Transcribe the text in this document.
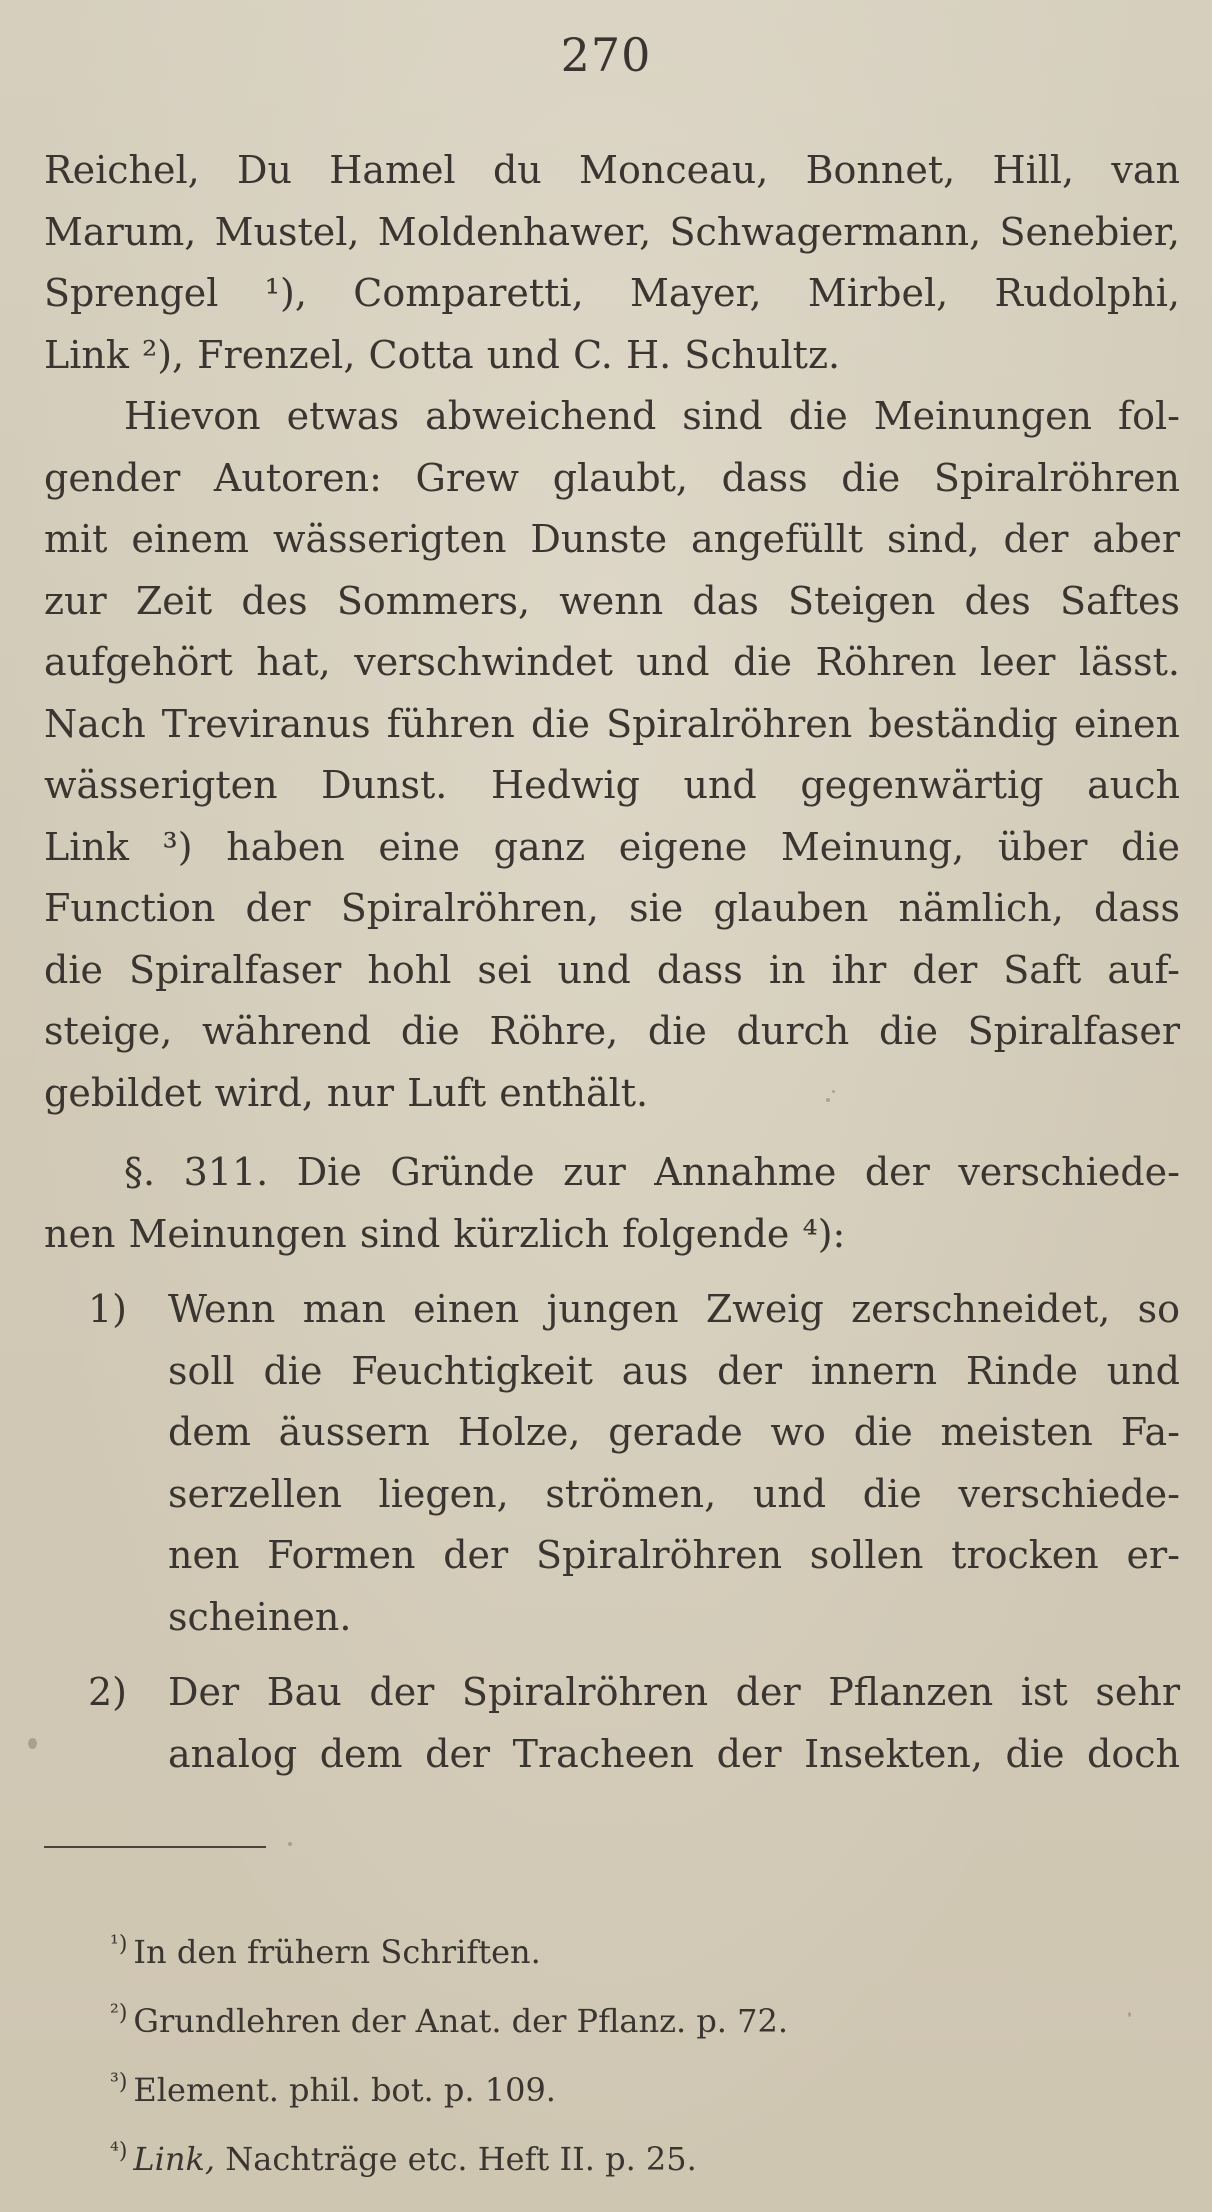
270
Reichel, Du Hamel du Monceau, Bonnet, Hill, van
Marum, Mustel, Moldenhawer, Schwagermann, Senebier,
Sprengel ¹), Comparetti, Mayer, Mirbel, Rudolphi,
Link ²), Frenzel, Cotta und C. H. Schultz.
Hievon etwas abweichend sind die Meinungen fol-
gender Autoren: Grew glaubt, dass die Spiralröhren
mit einem wässerigten Dunste angefüllt sind, der aber
zur Zeit des Sommers, wenn das Steigen des Saftes
aufgehört hat, verschwindet und die Röhren leer lässt.
Nach Treviranus führen die Spiralröhren beständig einen
wässerigten Dunst. Hedwig und gegenwärtig auch
Link ³) haben eine ganz eigene Meinung, über die
Function der Spiralröhren, sie glauben nämlich, dass
die Spiralfaser hohl sei und dass in ihr der Saft auf-
steige, während die Röhre, die durch die Spiralfaser
gebildet wird, nur Luft enthält.
§. 311. Die Gründe zur Annahme der verschiede-
nen Meinungen sind kürzlich folgende ⁴):
1) Wenn man einen jungen Zweig zerschneidet, so
soll die Feuchtigkeit aus der innern Rinde und
dem äussern Holze, gerade wo die meisten Fa-
serzellen liegen, strömen, und die verschiede-
nen Formen der Spiralröhren sollen trocken er-
scheinen.
2) Der Bau der Spiralröhren der Pflanzen ist sehr
analog dem der Tracheen der Insekten, die doch
$^{^1)}$ In den frühern Schriften.
$^{^2)}$ Grundlehren der Anat. der Pflanz. p. 72.
$^{^3)}$ Element. phil. bot. p. 109.
$^{^4)}$ Link, Nachträge etc. Heft II. p. 25.
